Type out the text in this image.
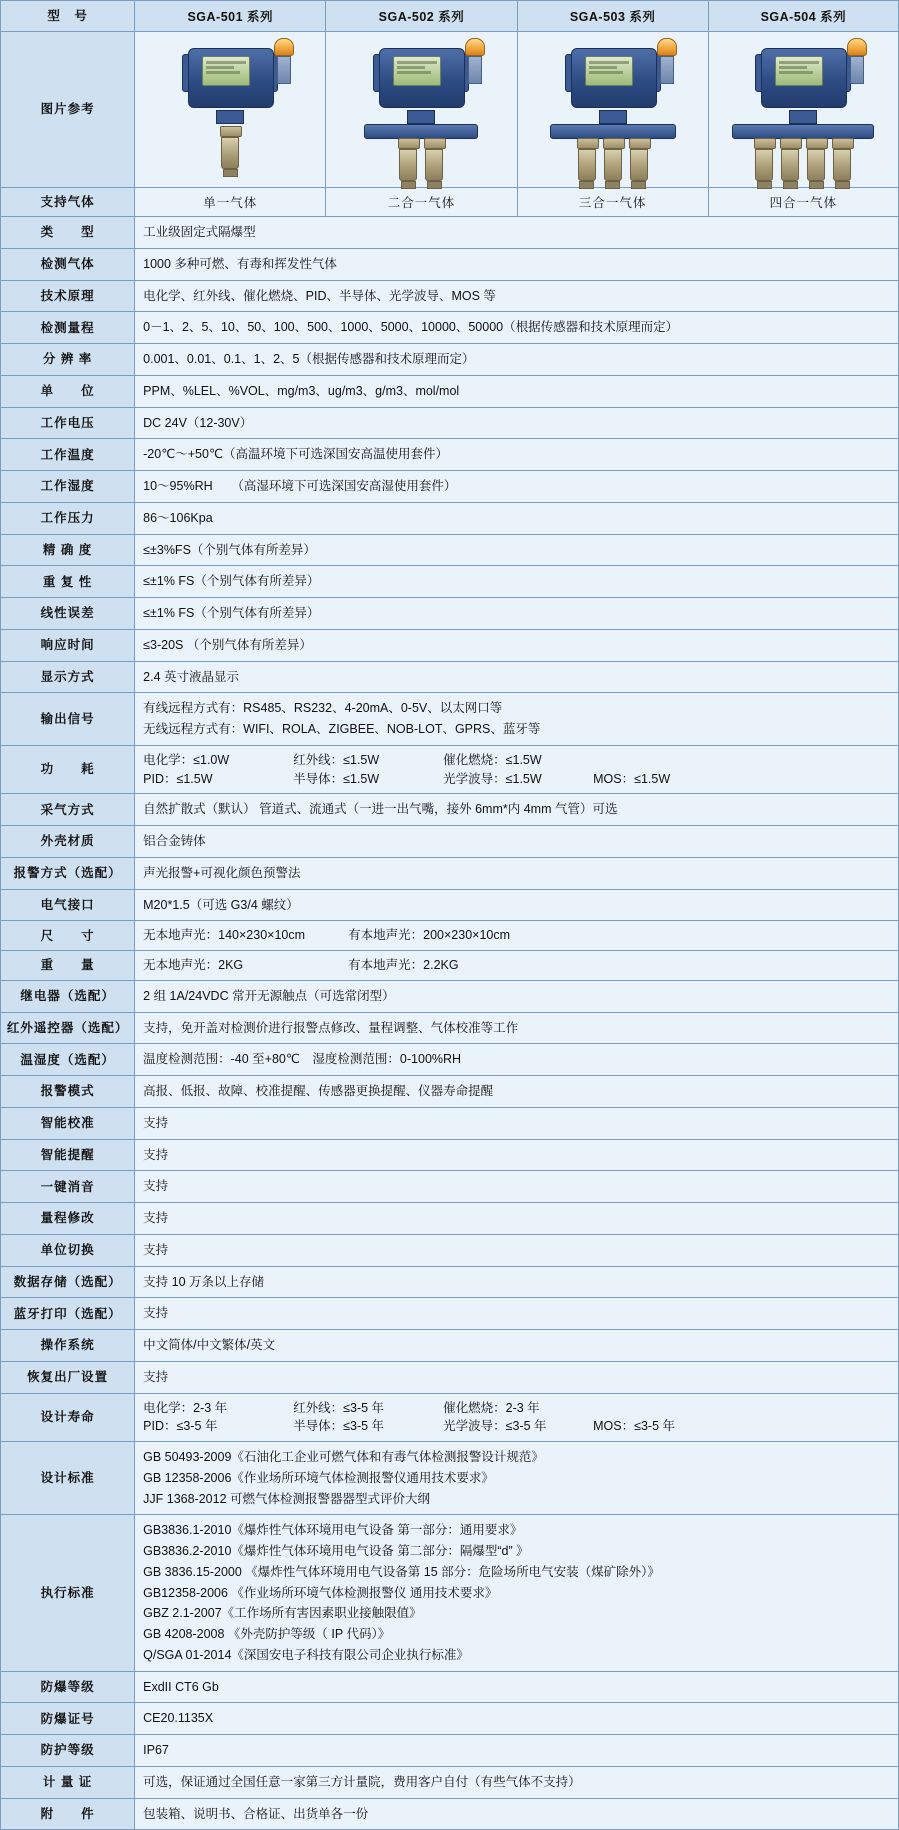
型　号	SGA-501 系列	SGA-502 系列	SGA-503 系列	SGA-504 系列
图片参考	

支持气体	单一气体	二合一气体	三合一气体	四合一气体
类　　型	工业级固定式隔爆型			

检测气体	1000 多种可燃、有毒和挥发性气体			

技术原理	电化学、红外线、催化燃烧、PID、半导体、光学波导、MOS 等			

检测量程	0－1、2、5、10、50、100、500、1000、5000、10000、50000（根据传感器和技术原理而定）			

分 辨 率	0.001、0.01、0.1、1、2、5（根据传感器和技术原理而定）			

单　　位	PPM、%LEL、%VOL、mg/m3、ug/m3、g/m3、mol/mol			

工作电压	DC 24V（12-30V）			

工作温度	-20℃～+50℃（高温环境下可选深国安高温使用套件）			

工作湿度	10～95%RH　　（高湿环境下可选深国安高湿使用套件）			

工作压力	86～106Kpa			

精 确 度	≤±3%FS（个别气体有所差异）			

重 复 性	≤±1% FS（个别气体有所差异）			

线性误差	≤±1% FS（个别气体有所差异）			

响应时间	≤3-20S （个别气体有所差异）			

显示方式	2.4 英寸液晶显示			

输出信号	有线远程方式有：RS485、RS232、4-20mA、0-5V、以太网口等
无线远程方式有：WIFI、ROLA、ZIGBEE、NOB-LOT、GPRS、蓝牙等			

功　　耗	电化学：≤1.0W 红外线：≤1.5W 催化燃烧：≤1.5W
PID：≤1.5W 半导体：≤1.5W 光学波导：≤1.5W MOS：≤1.5W			

采气方式	自然扩散式（默认） 管道式、流通式（一进一出气嘴，接外 6mm*内 4mm 气管）可选			

外壳材质	铝合金铸体			

报警方式（选配）	声光报警+可视化颜色预警法			

电气接口	M20*1.5（可选 G3/4 螺纹）			

尺　　寸	无本地声光：140×230×10cm 有本地声光：200×230×10cm			

重　　量	无本地声光：2KG 有本地声光：2.2KG			

继电器（选配）	2 组 1A/24VDC 常开无源触点（可选常闭型）			

红外遥控器（选配）	支持，免开盖对检测价进行报警点修改、量程调整、气体校准等工作			

温湿度（选配）	温度检测范围：-40 至+80℃　湿度检测范围：0-100%RH			

报警模式	高报、低报、故障、校准提醒、传感器更换提醒、仪器寿命提醒			

智能校准	支持			

智能提醒	支持			

一键消音	支持			

量程修改	支持			

单位切换	支持			

数据存储（选配）	支持 10 万条以上存储			

蓝牙打印（选配）	支持			

操作系统	中文简体/中文繁体/英文			

恢复出厂设置	支持			

设计寿命	电化学：2-3 年 红外线：≤3-5 年 催化燃烧：2-3 年
PID：≤3-5 年 半导体：≤3-5 年 光学波导：≤3-5 年 MOS：≤3-5 年			

设计标准	GB 50493-2009《石油化工企业可燃气体和有毒气体检测报警设计规范》
GB 12358-2006《作业场所环境气体检测报警仪通用技术要求》
JJF 1368-2012 可燃气体检测报警器器型式评价大纲			

执行标准	
GB3836.1-2010《爆炸性气体环境用电气设备 第一部分：通用要求》
GB3836.2-2010《爆炸性气体环境用电气设备 第二部分：隔爆型“d” 》
GB 3836.15-2000 《爆炸性气体环境用电气设备第 15 部分：危险场所电气安装（煤矿除外）》
GB12358-2006 《作业场所环境气体检测报警仪 通用技术要求》
GBZ 2.1-2007《工作场所有害因素职业接触限值》
GB 4208-2008 《外壳防护等级（ IP 代码）》
Q/SGA 01-2014《深国安电子科技有限公司企业执行标准》

防爆等级	ExdII CT6 Gb			

防爆证号	CE20.1135X			

防护等级	IP67			

计 量 证	可选，保证通过全国任意一家第三方计量院，费用客户自付（有些气体不支持）			

附　　件	包装箱、说明书、合格证、出货单各一份			
